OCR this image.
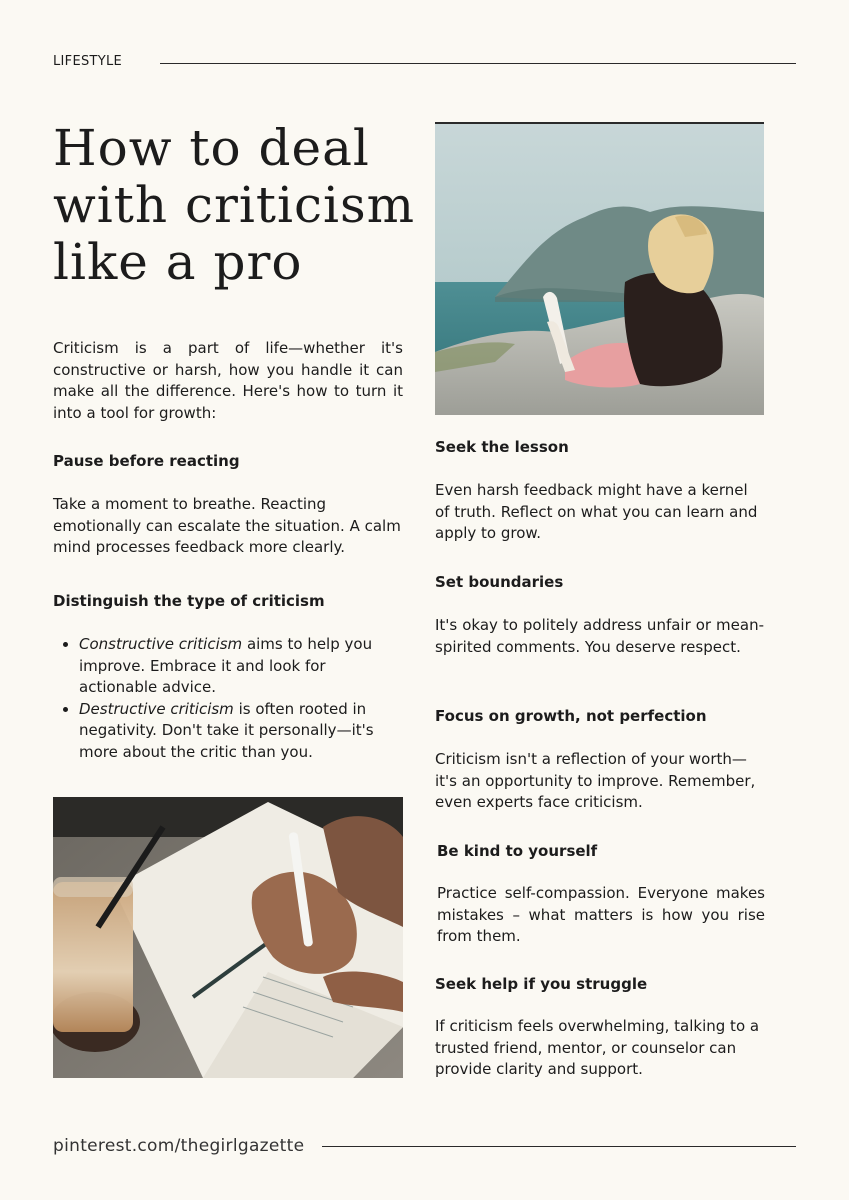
LIFESTYLE
How to deal
with criticism
like a pro

Criticism is a part of life—whether it's constructive or harsh, how you handle it can make all the difference. Here's how to turn it into a tool for growth:

Pause before reacting

Take a moment to breathe. Reacting emotionally can escalate the situation. A calm mind processes feedback more clearly.

Distinguish the type of criticism

• Constructive criticism aims to help you improve. Embrace it and look for actionable advice.
• Destructive criticism is often rooted in negativity. Don't take it personally—it's more about the critic than you.

Seek the lesson

Even harsh feedback might have a kernel of truth. Reflect on what you can learn and apply to grow.

Set boundaries

It's okay to politely address unfair or mean-spirited comments. You deserve respect.

Focus on growth, not perfection

Criticism isn't a reflection of your worth—it's an opportunity to improve. Remember, even experts face criticism.

Be kind to yourself

Practice self-compassion. Everyone makes mistakes – what matters is how you rise from them.

Seek help if you struggle

If criticism feels overwhelming, talking to a trusted friend, mentor, or counselor can provide clarity and support.

pinterest.com/thegirlgazette
